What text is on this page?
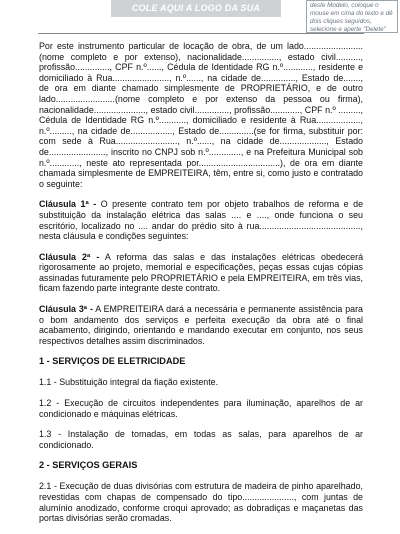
COLE AQUI A LOGO DA SUA EMPRESA
deste Modelo, coloque o mouse em cima do texto e dê dois cliques seguidos, selecione e aperte "Delete"

Por este instrumento particular de locação de obra, de um lado........................ (nome completo e por extenso), nacionalidade..............., estado civil.........., profissão.............., CPF n.º......, Cédula de Identidade RG n.º............, residente e domiciliado à Rua......................., n.º......, na cidade de.............., Estado de......., de ora em diante chamado simplesmente de PROPRIETÁRIO, e de outro lado........................(nome completo e por extenso da pessoa ou firma), nacionalidade....................., estado civil.............., profissão............, CPF n.º ........., Cédula de Identidade RG n.º..........., domiciliado e residente à Rua.................., n.º........., na cidade de................., Estado de..............(se for firma, substituir por: com sede à Rua........................., n.º......, na cidade de..................., Estado de......................., inscrito no CNPJ sob n.º............., e na Prefeitura Municipal sob n.º............, neste ato representada por.................................), de ora em diante chamada simplesmente de EMPREITEIRA, têm, entre si, como justo e contratado o seguinte:

Cláusula 1ª - O presente contrato tem por objeto trabalhos de reforma e de substituição da instalação elétrica das salas .... e ...., onde funciona o seu escritório, localizado no .... andar do prédio sito à rua........................................., nesta cláusula e condições seguintes:

Cláusula 2ª - A reforma das salas e das instalações elétricas obedecerá rigorosamente ao projeto, memorial e especificações, peças essas cujas cópias assinadas futuramente pelo PROPRIETÁRIO e pela EMPREITEIRA, em três vias, ficam fazendo parte integrante deste contrato.

Cláusula 3ª - A EMPREITEIRA dará a necessária e permanente assistência para o bom andamento dos serviços e perfeita execução da obra até o final acabamento, dirigindo, orientando e mandando executar em conjunto, nos seus respectivos detalhes assim discriminados.

1 - SERVIÇOS DE ELETRICIDADE

1.1 - Substituição integral da fiação existente.

1.2 - Execução de circuitos independentes para iluminação, aparelhos de ar condicionado e máquinas elétricas.

1.3 - Instalação de tomadas, em todas as salas, para aparelhos de ar condicionado.

2 - SERVIÇOS GERAIS

2.1 - Execução de duas divisórias com estrutura de madeira de pinho aparelhado, revestidas com chapas de compensado do tipo....................., com juntas de alumínio anodizado, conforme croqui aprovado; as dobradiças e maçanetas das portas divisórias serão cromadas.
